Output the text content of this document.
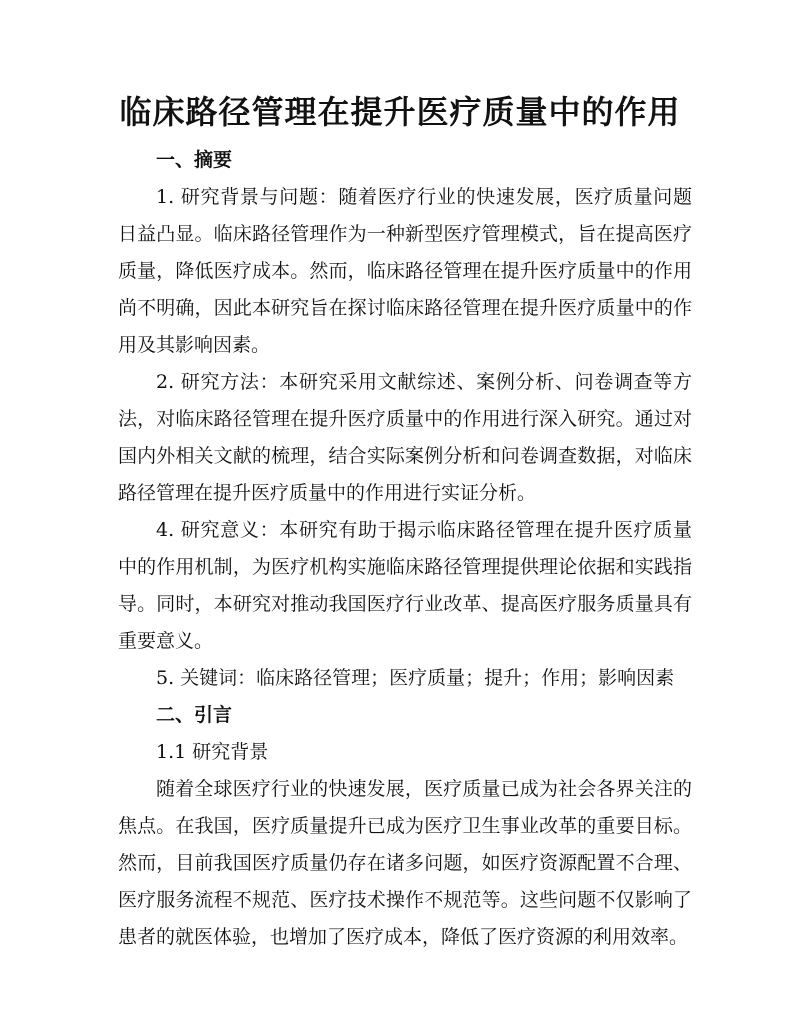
临床路径管理在提升医疗质量中的作用

一、摘要

1. 研究背景与问题：随着医疗行业的快速发展，医疗质量问题日益凸显。临床路径管理作为一种新型医疗管理模式，旨在提高医疗质量，降低医疗成本。然而，临床路径管理在提升医疗质量中的作用尚不明确，因此本研究旨在探讨临床路径管理在提升医疗质量中的作用及其影响因素。

2. 研究方法：本研究采用文献综述、案例分析、问卷调查等方法，对临床路径管理在提升医疗质量中的作用进行深入研究。通过对国内外相关文献的梳理，结合实际案例分析和问卷调查数据，对临床路径管理在提升医疗质量中的作用进行实证分析。

4. 研究意义：本研究有助于揭示临床路径管理在提升医疗质量中的作用机制，为医疗机构实施临床路径管理提供理论依据和实践指导。同时，本研究对推动我国医疗行业改革、提高医疗服务质量具有重要意义。

5. 关键词：临床路径管理；医疗质量；提升；作用；影响因素

二、引言

1.1 研究背景

随着全球医疗行业的快速发展，医疗质量已成为社会各界关注的焦点。在我国，医疗质量提升已成为医疗卫生事业改革的重要目标。然而，目前我国医疗质量仍存在诸多问题，如医疗资源配置不合理、医疗服务流程不规范、医疗技术操作不规范等。这些问题不仅影响了患者的就医体验，也增加了医疗成本，降低了医疗资源的利用效率。
